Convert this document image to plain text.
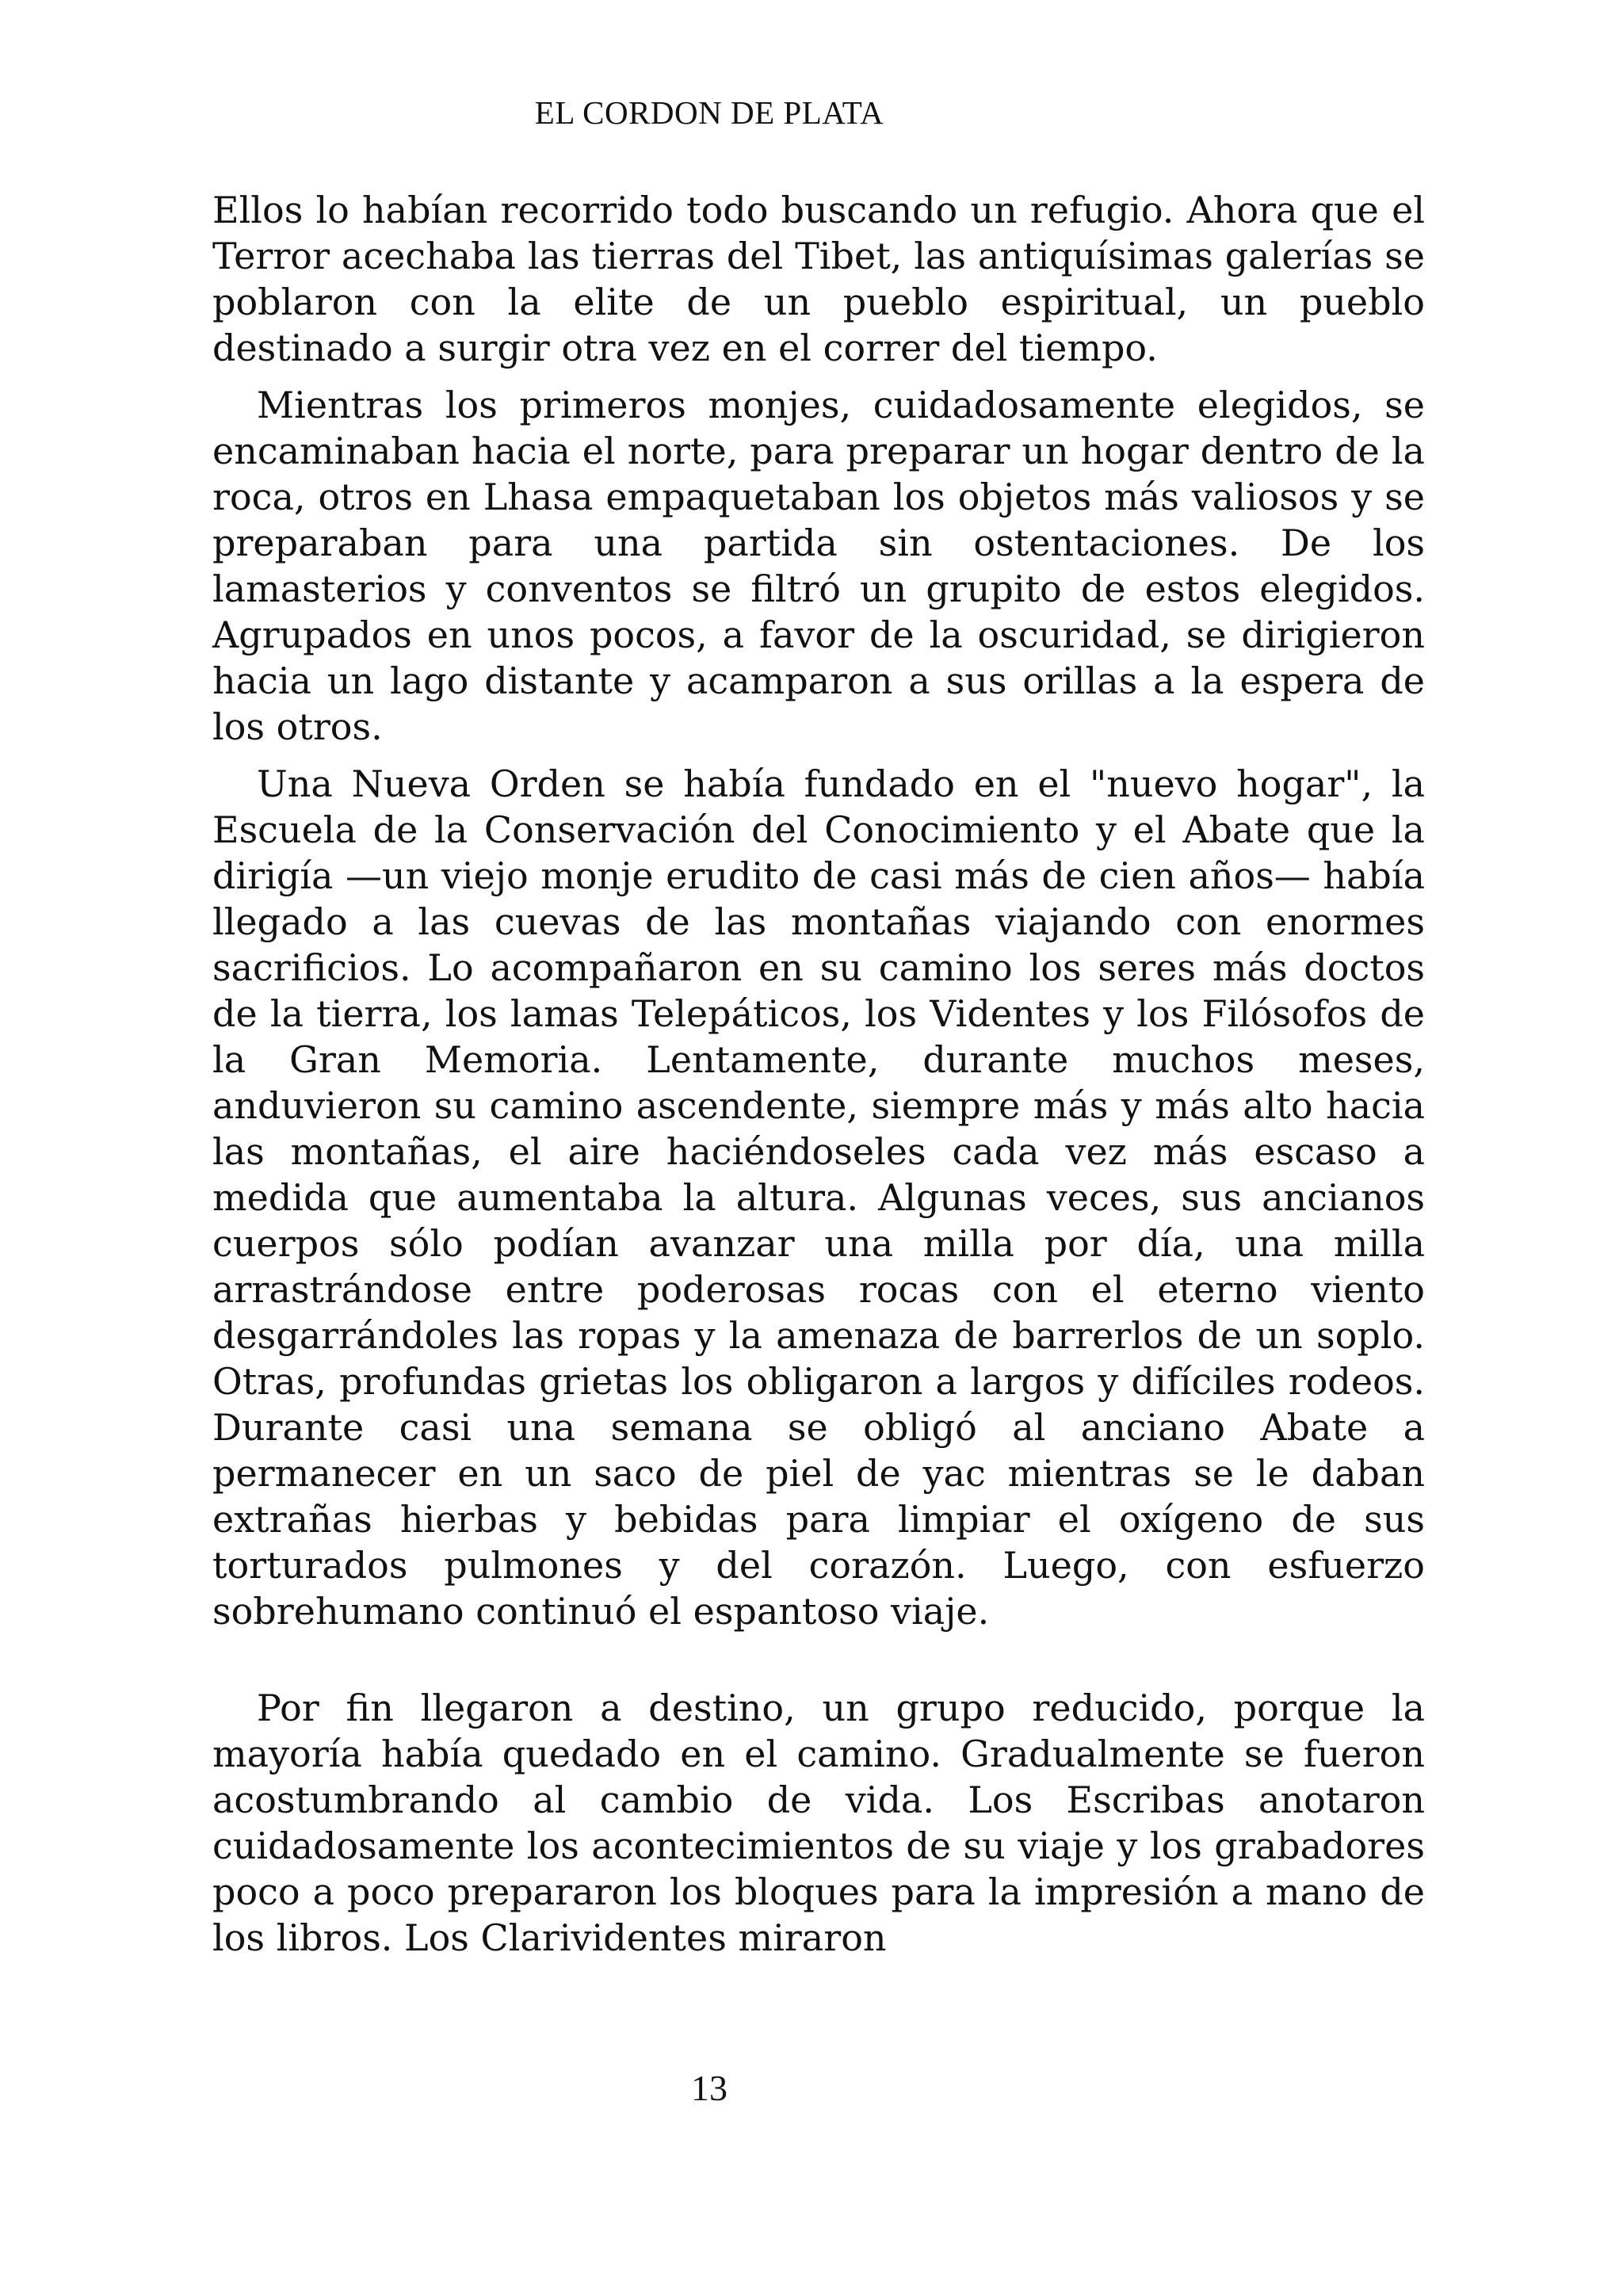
EL CORDON DE PLATA

Ellos lo habían recorrido todo buscando un refugio. Ahora que el Terror acechaba las tierras del Tibet, las antiquísimas galerías se poblaron con la elite de un pueblo espiritual, un pueblo destinado a surgir otra vez en el correr del tiempo.

Mientras los primeros monjes, cuidadosamente elegidos, se encaminaban hacia el norte, para preparar un hogar dentro de la roca, otros en Lhasa empaquetaban los objetos más valiosos y se preparaban para una partida sin ostentaciones. De los lamasterios y conventos se filtró un grupito de estos elegidos. Agrupados en unos pocos, a favor de la oscuridad, se dirigieron hacia un lago distante y acamparon a sus orillas a la espera de los otros.

Una Nueva Orden se había fundado en el "nuevo hogar", la Escuela de la Conservación del Conocimiento y el Abate que la dirigía —un viejo monje erudito de casi más de cien años— había llegado a las cuevas de las montañas viajando con enormes sacrificios. Lo acompañaron en su camino los seres más doctos de la tierra, los lamas Telepáticos, los Videntes y los Filósofos de la Gran Memoria. Lentamente, durante muchos meses, anduvieron su camino ascendente, siempre más y más alto hacia las montañas, el aire haciéndoseles cada vez más escaso a medida que aumentaba la altura. Algunas veces, sus ancianos cuerpos sólo podían avanzar una milla por día, una milla arrastrándose entre poderosas rocas con el eterno viento desgarrándoles las ropas y la amenaza de barrerlos de un soplo. Otras, profundas grietas los obligaron a largos y difíciles rodeos. Durante casi una semana se obligó al anciano Abate a permanecer en un saco de piel de yac mientras se le daban extrañas hierbas y bebidas para limpiar el oxígeno de sus torturados pulmones y del corazón. Luego, con esfuerzo sobrehumano continuó el espantoso viaje.

Por fin llegaron a destino, un grupo reducido, porque la mayoría había quedado en el camino. Gradualmente se fueron acostumbrando al cambio de vida. Los Escribas anotaron cuidadosamente los acontecimientos de su viaje y los grabadores poco a poco prepararon los bloques para la impresión a mano de los libros. Los Clarividentes miraron

13
